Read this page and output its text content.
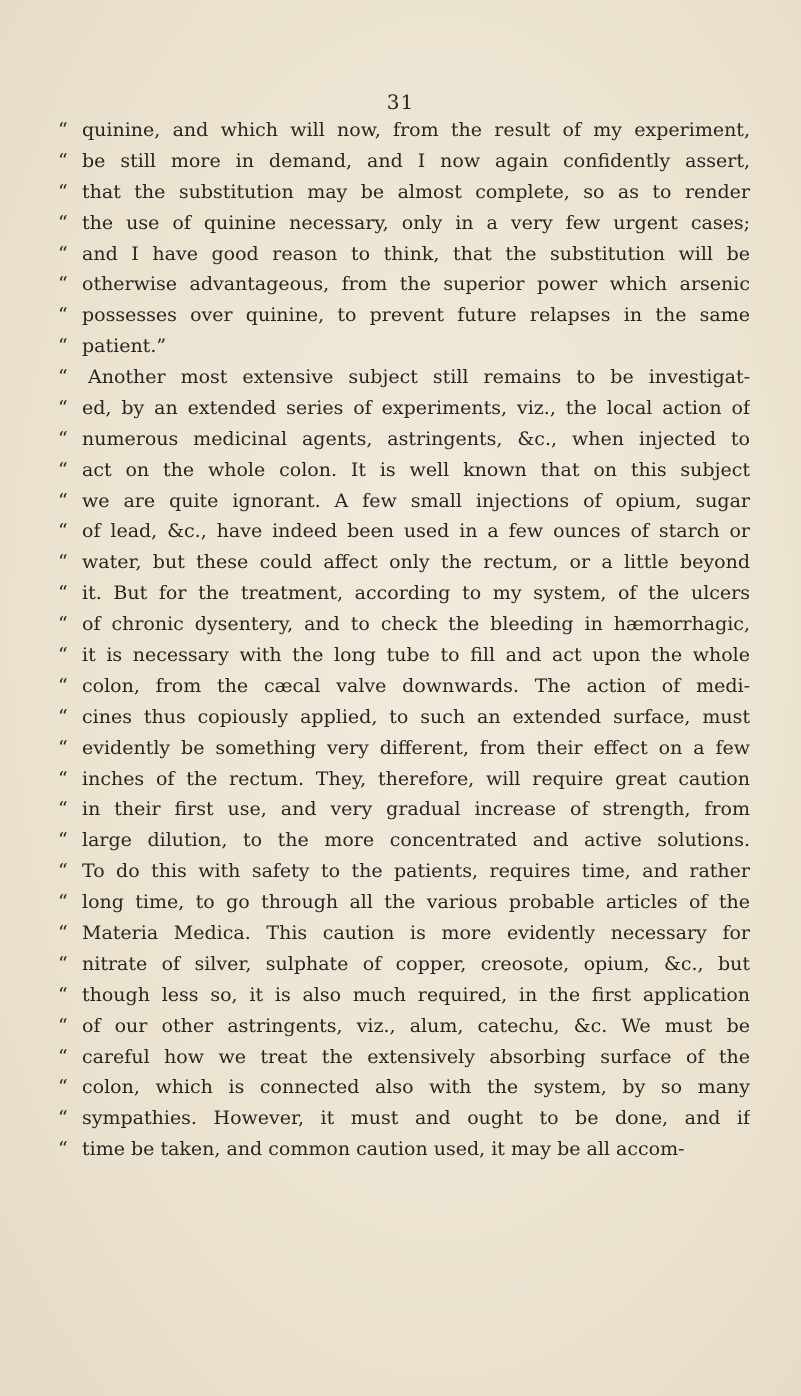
31
“ quinine, and which will now, from the result of my experiment,
“ be still more in demand, and I now again confidently assert,
“ that the substitution may be almost complete, so as to render
“ the use of quinine necessary, only in a very few urgent cases;
“ and I have good reason to think, that the substitution will be
“ otherwise advantageous, from the superior power which arsenic
“ possesses over quinine, to prevent future relapses in the same
“ patient.”
“	Another most extensive subject still remains to be investigat-
“ ed, by an extended series of experiments, viz., the local action of
“ numerous medicinal agents, astringents, &c., when injected to
“ act on the whole colon. It is well known that on this subject
“ we are quite ignorant. A few small injections of opium, sugar
“ of lead, &c., have indeed been used in a few ounces of starch or
“ water, but these could affect only the rectum, or a little beyond
“ it. But for the treatment, according to my system, of the ulcers
“ of chronic dysentery, and to check the bleeding in hæmorrhagic,
“ it is necessary with the long tube to fill and act upon the whole
“ colon, from the cæcal valve downwards. The action of medi-
“ cines thus copiously applied, to such an extended surface, must
“ evidently be something very different, from their effect on a few
“ inches of the rectum. They, therefore, will require great caution
“ in their first use, and very gradual increase of strength, from
“ large dilution, to the more concentrated and active solutions.
“ To do this with safety to the patients, requires time, and rather
“ long time, to go through all the various probable articles of the
“ Materia Medica. This caution is more evidently necessary for
“ nitrate of silver, sulphate of copper, creosote, opium, &c., but
“ though less so, it is also much required, in the first application
“ of our other astringents, viz., alum, catechu, &c. We must be
“ careful how we treat the extensively absorbing surface of the
“ colon, which is connected also with the system, by so many
“ sympathies. However, it must and ought to be done, and if
“ time be taken, and common caution used, it may be all accom-
